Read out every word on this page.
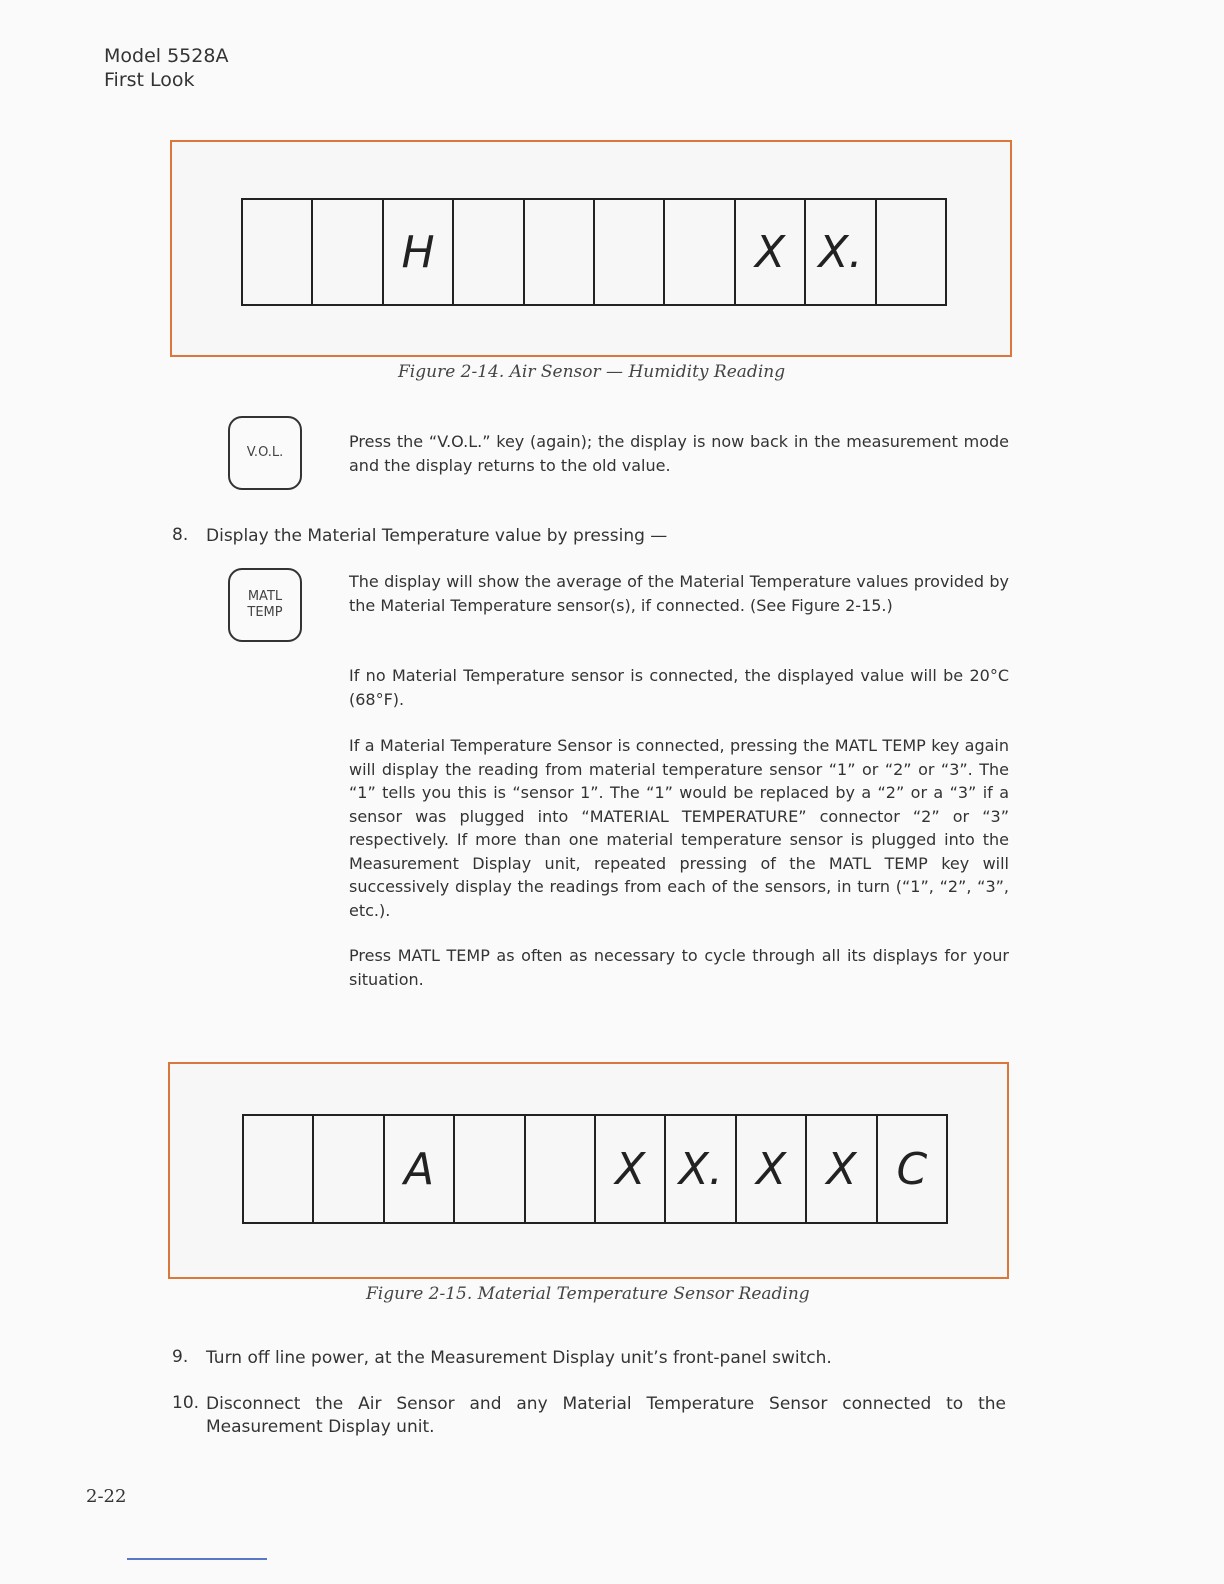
Model 5528A
First Look
H	X X.
Figure 2-14. Air Sensor — Humidity Reading
V.O.L.
Press the “V.O.L.” key (again); the display is now back in the measurement mode and the display returns to the old value.
8. Display the Material Temperature value by pressing —
MATL
TEMP
The display will show the average of the Material Temperature values provided by the Material Temperature sensor(s), if connected. (See Figure 2-15.)
If no Material Temperature sensor is connected, the displayed value will be 20°C (68°F).
If a Material Temperature Sensor is connected, pressing the MATL TEMP key again will display the reading from material temperature sensor “1” or “2” or “3”. The “1” tells you this is “sensor 1”. The “1” would be replaced by a “2” or a “3” if a sensor was plugged into “MATERIAL TEMPERATURE” connector “2” or “3” respectively. If more than one material temperature sensor is plugged into the Measurement Display unit, repeated pressing of the MATL TEMP key will successively display the readings from each of the sensors, in turn (“1”, “2”, “3”, etc.).
Press MATL TEMP as often as necessary to cycle through all its displays for your situation.
A	X X. X X C
Figure 2-15. Material Temperature Sensor Reading
9. Turn off line power, at the Measurement Display unit’s front-panel switch.
10. Disconnect the Air Sensor and any Material Temperature Sensor connected to the Measurement Display unit.
2-22
